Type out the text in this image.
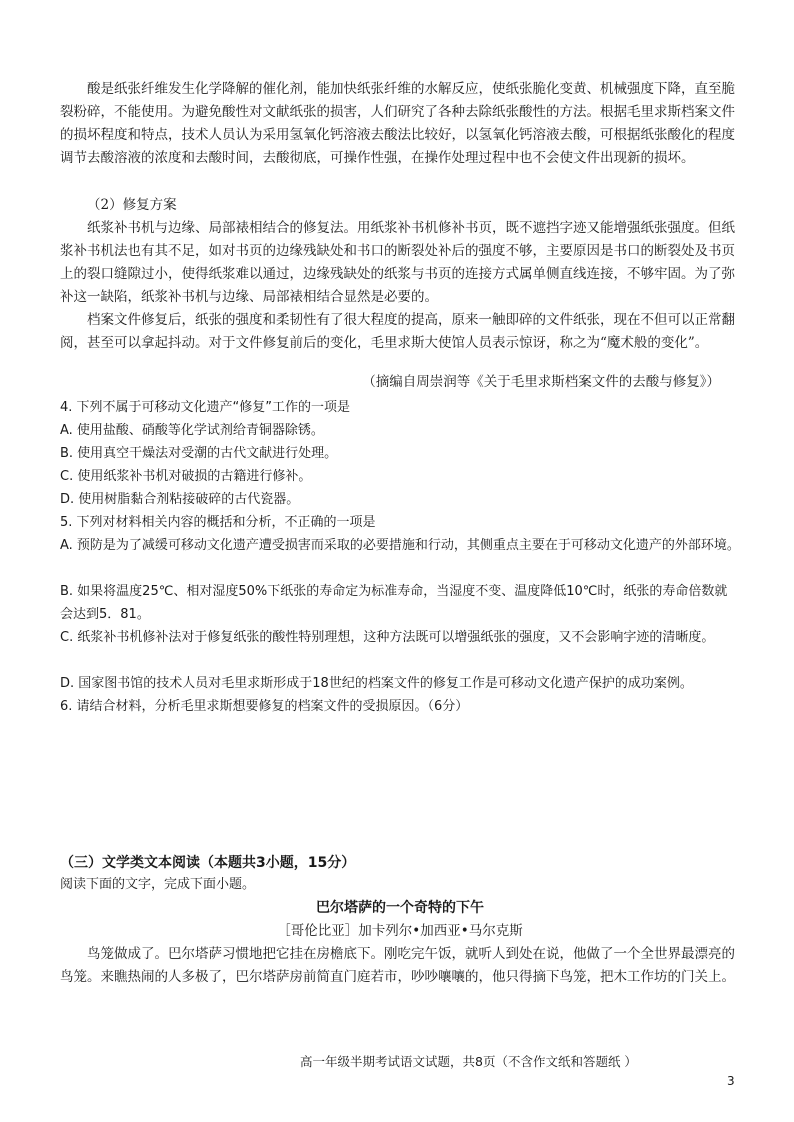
酸是纸张纤维发生化学降解的催化剂，能加快纸张纤维的水解反应，使纸张脆化变黄、机械强度下降，直至脆裂粉碎，不能使用。为避免酸性对文献纸张的损害，人们研究了各种去除纸张酸性的方法。根据毛里求斯档案文件的损坏程度和特点，技术人员认为采用氢氧化钙溶液去酸法比较好，以氢氧化钙溶液去酸，可根据纸张酸化的程度调节去酸溶液的浓度和去酸时间，去酸彻底，可操作性强，在操作处理过程中也不会使文件出现新的损坏。

（2）修复方案

纸浆补书机与边缘、局部裱相结合的修复法。用纸浆补书机修补书页，既不遮挡字迹又能增强纸张强度。但纸浆补书机法也有其不足，如对书页的边缘残缺处和书口的断裂处补后的强度不够，主要原因是书口的断裂处及书页上的裂口缝隙过小，使得纸浆难以通过，边缘残缺处的纸浆与书页的连接方式属单侧直线连接，不够牢固。为了弥补这一缺陷，纸浆补书机与边缘、局部裱相结合显然是必要的。

档案文件修复后，纸张的强度和柔韧性有了很大程度的提高，原来一触即碎的文件纸张，现在不但可以正常翻阅，甚至可以拿起抖动。对于文件修复前后的变化，毛里求斯大使馆人员表示惊讶，称之为“魔术般的变化”。

（摘编自周崇润等《关于毛里求斯档案文件的去酸与修复》）

4. 下列不属于可移动文化遗产“修复”工作的一项是

A. 使用盐酸、硝酸等化学试剂给青铜器除锈。

B. 使用真空干燥法对受潮的古代文献进行处理。

C. 使用纸浆补书机对破损的古籍进行修补。

D. 使用树脂黏合剂粘接破碎的古代瓷器。

5. 下列对材料相关内容的概括和分析，不正确的一项是

A. 预防是为了减缓可移动文化遗产遭受损害而采取的必要措施和行动，其侧重点主要在于可移动文化遗产的外部环境。

B. 如果将温度25℃、相对湿度50%下纸张的寿命定为标准寿命，当湿度不变、温度降低10℃时，纸张的寿命倍数就会达到5．81。

C. 纸浆补书机修补法对于修复纸张的酸性特别理想，这种方法既可以增强纸张的强度，又不会影响字迹的清晰度。

D. 国家图书馆的技术人员对毛里求斯形成于18世纪的档案文件的修复工作是可移动文化遗产保护的成功案例。

6. 请结合材料，分析毛里求斯想要修复的档案文件的受损原因。（6分）

（三）文学类文本阅读（本题共3小题，15分）

阅读下面的文字，完成下面小题。

巴尔塔萨的一个奇特的下午

［哥伦比亚］加卡列尔•加西亚•马尔克斯

鸟笼做成了。巴尔塔萨习惯地把它挂在房檐底下。刚吃完午饭，就听人到处在说，他做了一个全世界最漂亮的鸟笼。来瞧热闹的人多极了，巴尔塔萨房前简直门庭若市，吵吵嚷嚷的，他只得摘下鸟笼，把木工作坊的门关上。

高一年级半期考试语文试题，共8页（不含作文纸和答题纸 ）
3
